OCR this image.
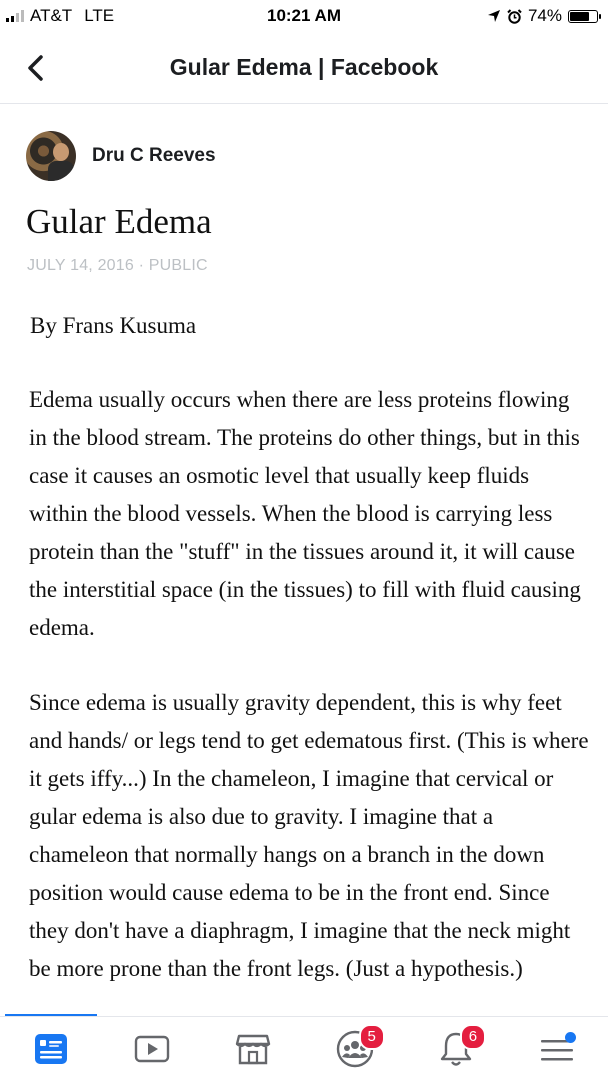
AT&T LTE	10:21 AM	74%
Gular Edema | Facebook
Dru C Reeves
Gular Edema
JULY 14, 2016 · PUBLIC
By Frans Kusuma

Edema usually occurs when there are less proteins flowing in the blood stream. The proteins do other things, but in this case it causes an osmotic level that usually keep fluids within the blood vessels. When the blood is carrying less protein than the "stuff" in the tissues around it, it will cause the interstitial space (in the tissues) to fill with fluid causing edema.

Since edema is usually gravity dependent, this is why feet and hands/ or legs tend to get edematous first. (This is where it gets iffy...) In the chameleon, I imagine that cervical or gular edema is also due to gravity. I imagine that a chameleon that normally hangs on a branch in the down position would cause edema to be in the front end. Since they don't have a diaphragm, I imagine that the neck might be more prone than the front legs. (Just a hypothesis.)

5	6
